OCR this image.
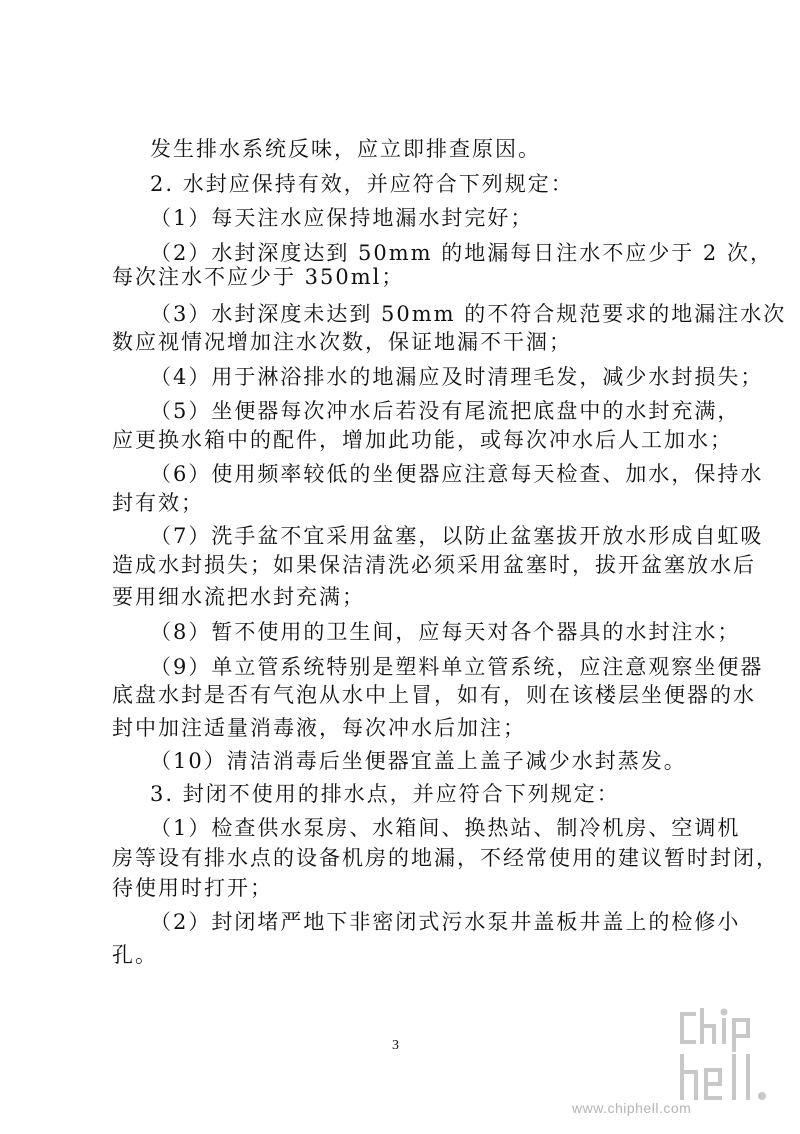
发生排水系统反味，应立即排查原因。
2. 水封应保持有效，并应符合下列规定：
（1）每天注水应保持地漏水封完好；
（2）水封深度达到 50mm 的地漏每日注水不应少于 2 次，
每次注水不应少于 350ml；
（3）水封深度未达到 50mm 的不符合规范要求的地漏注水次
数应视情况增加注水次数，保证地漏不干涸；
（4）用于淋浴排水的地漏应及时清理毛发，减少水封损失；
（5）坐便器每次冲水后若没有尾流把底盘中的水封充满，
应更换水箱中的配件，增加此功能，或每次冲水后人工加水；
（6）使用频率较低的坐便器应注意每天检查、加水，保持水
封有效；
（7）洗手盆不宜采用盆塞，以防止盆塞拔开放水形成自虹吸
造成水封损失；如果保洁清洗必须采用盆塞时，拔开盆塞放水后
要用细水流把水封充满；
（8）暂不使用的卫生间，应每天对各个器具的水封注水；
（9）单立管系统特别是塑料单立管系统，应注意观察坐便器
底盘水封是否有气泡从水中上冒，如有，则在该楼层坐便器的水
封中加注适量消毒液，每次冲水后加注；
（10）清洁消毒后坐便器宜盖上盖子减少水封蒸发。
3. 封闭不使用的排水点，并应符合下列规定：
（1）检查供水泵房、水箱间、换热站、制冷机房、空调机
房等设有排水点的设备机房的地漏，不经常使用的建议暂时封闭，
待使用时打开；
（2）封闭堵严地下非密闭式污水泵井盖板井盖上的检修小
孔。
3
www.chiphell.com
